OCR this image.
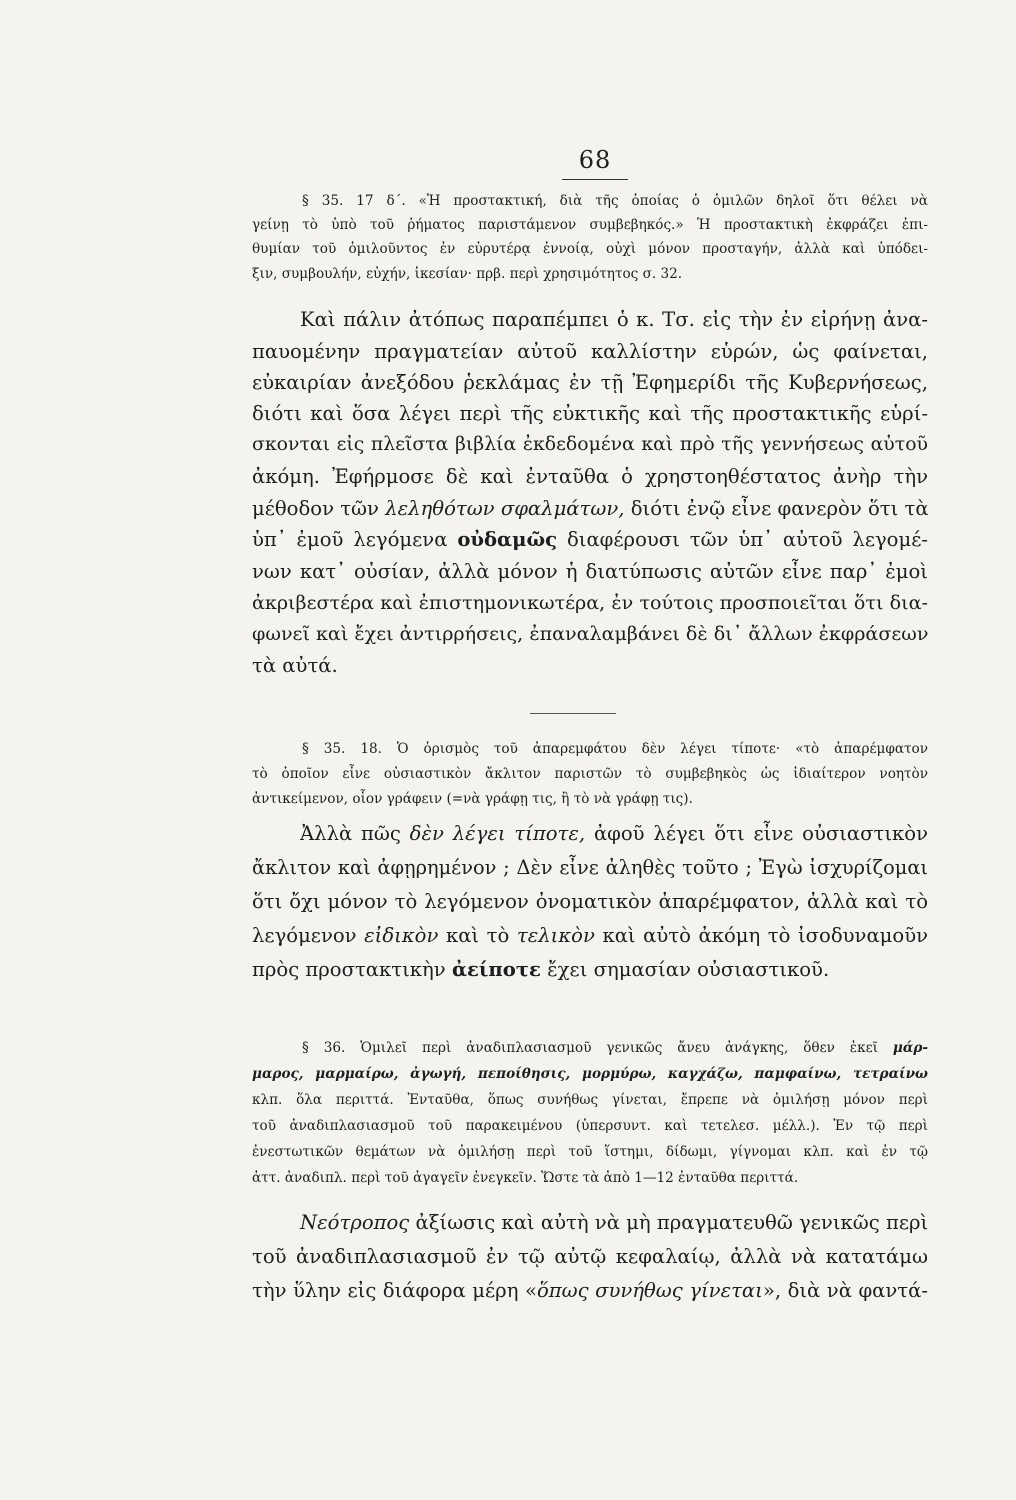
68
§ 35. 17 δ΄. «Ἡ προστακτική, διὰ τῆς ὁποίας ὁ ὁμιλῶν δηλοῖ ὅτι θέλει νὰ
γείνῃ τὸ ὑπὸ τοῦ ῥήματος παριστάμενον συμβεβηκός.» Ἡ προστακτικὴ ἐκφράζει ἐπι-
θυμίαν τοῦ ὁμιλοῦντος ἐν εὐρυτέρᾳ ἐννοίᾳ, οὐχὶ μόνον προσταγήν, ἀλλὰ καὶ ὑπόδει-
ξιν, συμβουλήν, εὐχήν, ἱκεσίαν· πρβ. περὶ χρησιμότητος σ. 32.
Καὶ πάλιν ἀτόπως παραπέμπει ὁ κ. Τσ. εἰς τὴν ἐν εἰρήνῃ ἀνα-
παυομένην πραγματείαν αὐτοῦ καλλίστην εὑρών, ὡς φαίνεται,
εὐκαιρίαν ἀνεξόδου ῥεκλάμας ἐν τῇ Ἐφημερίδι τῆς Κυβερνήσεως,
διότι καὶ ὅσα λέγει περὶ τῆς εὐκτικῆς καὶ τῆς προστακτικῆς εὑρί-
σκονται εἰς πλεῖστα βιβλία ἐκδεδομένα καὶ πρὸ τῆς γεννήσεως αὐτοῦ
ἀκόμη. Ἐφήρμοσε δὲ καὶ ἐνταῦθα ὁ χρηστοηθέστατος ἀνὴρ τὴν
μέθοδον τῶν λεληθότων σφαλμάτων, διότι ἐνῷ εἶνε φανερὸν ὅτι τὰ
ὑπ᾽ ἐμοῦ λεγόμενα οὐδαμῶς διαφέρουσι τῶν ὑπ᾽ αὐτοῦ λεγομέ-
νων κατ᾽ οὐσίαν, ἀλλὰ μόνον ἡ διατύπωσις αὐτῶν εἶνε παρ᾽ ἐμοὶ
ἀκριβεστέρα καὶ ἐπιστημονικωτέρα, ἐν τούτοις προσποιεῖται ὅτι δια-
φωνεῖ καὶ ἔχει ἀντιρρήσεις, ἐπαναλαμβάνει δὲ δι᾽ ἄλλων ἐκφράσεων
τὰ αὐτά.
§ 35. 18. Ὁ ὁρισμὸς τοῦ ἀπαρεμφάτου δὲν λέγει τίποτε· «τὸ ἀπαρέμφατον
τὸ ὁποῖον εἶνε οὐσιαστικὸν ἄκλιτον παριστῶν τὸ συμβεβηκὸς ὡς ἰδιαίτερον νοητὸν
ἀντικείμενον, οἷον γράφειν (=νὰ γράφῃ τις, ἢ τὸ νὰ γράφῃ τις).
Ἀλλὰ πῶς δὲν λέγει τίποτε, ἀφοῦ λέγει ὅτι εἶνε οὐσιαστικὸν
ἄκλιτον καὶ ἀφῃρημένον ; Δὲν εἶνε ἀληθὲς τοῦτο ; Ἐγὼ ἰσχυρίζομαι
ὅτι ὄχι μόνον τὸ λεγόμενον ὀνοματικὸν ἀπαρέμφατον, ἀλλὰ καὶ τὸ
λεγόμενον εἰδικὸν καὶ τὸ τελικὸν καὶ αὐτὸ ἀκόμη τὸ ἰσοδυναμοῦν
πρὸς προστακτικὴν ἀείποτε ἔχει σημασίαν οὐσιαστικοῦ.
§ 36. Ὁμιλεῖ περὶ ἀναδιπλασιασμοῦ γενικῶς ἄνευ ἀνάγκης, ὅθεν ἐκεῖ μάρ-
μαρος, μαρμαίρω, ἀγωγή, πεποίθησις, μορμύρω, καγχάζω, παμφαίνω, τετραίνω
κλπ. ὅλα περιττά. Ἐνταῦθα, ὅπως συνήθως γίνεται, ἔπρεπε νὰ ὁμιλήσῃ μόνον περὶ
τοῦ ἀναδιπλασιασμοῦ τοῦ παρακειμένου (ὑπερσυντ. καὶ τετελεσ. μέλλ.). Ἐν τῷ περὶ
ἐνεστωτικῶν θεμάτων νὰ ὁμιλήσῃ περὶ τοῦ ἵστημι, δίδωμι, γίγνομαι κλπ. καὶ ἐν τῷ
ἀττ. ἀναδιπλ. περὶ τοῦ ἀγαγεῖν ἐνεγκεῖν. Ὥστε τὰ ἀπὸ 1—12 ἐνταῦθα περιττά.
Νεότροπος ἀξίωσις καὶ αὐτὴ νὰ μὴ πραγματευθῶ γενικῶς περὶ
τοῦ ἀναδιπλασιασμοῦ ἐν τῷ αὐτῷ κεφαλαίῳ, ἀλλὰ νὰ κατατάμω
τὴν ὕλην εἰς διάφορα μέρη «ὅπως συνήθως γίνεται», διὰ νὰ φαντά-
